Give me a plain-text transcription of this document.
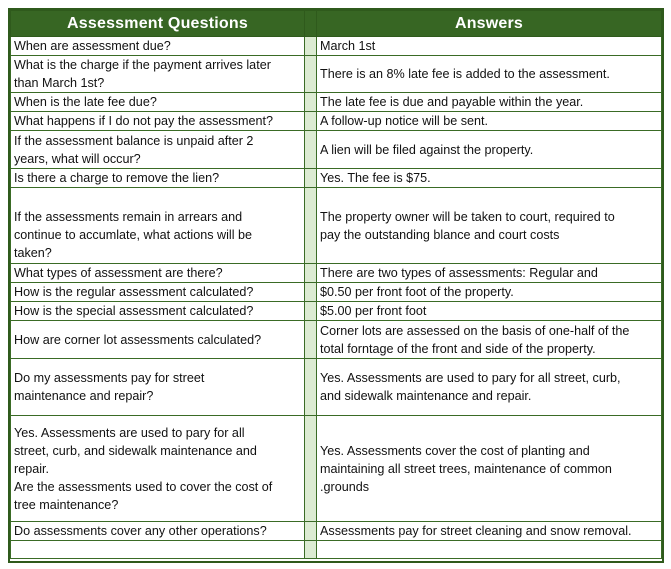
Assessment Questions		Answers
When are assessment due?		March 1st
What is the charge if the payment arrives later
than March 1st?		There is an 8% late fee is added to the assessment.
When is the late fee due?		The late fee is due and payable within the year.
What happens if I do not pay the assessment?		A follow-up notice will be sent.
If the assessment balance is unpaid after 2
years, what will occur?		A lien will be filed against the property.
Is there a charge to remove the lien?		Yes. The fee is $75.

If the assessments remain in arrears and
continue to accumlate, what actions will be
taken?		The property owner will be taken to court, required to
pay the outstanding blance and court costs
What types of assessment are there?		There are two types of assessments: Regular and
How is the regular assessment calculated?		$0.50 per front foot of the property.
How is the special assessment calculated?		$5.00 per front foot
How are corner lot assessments calculated?		Corner lots are assessed on the basis of one-half of the
total forntage of the front and side of the property.
Do my assessments pay for street
maintenance and repair?		Yes. Assessments are used to pary for all street, curb,
and sidewalk maintenance and repair.
Yes. Assessments are used to pary for all
street, curb, and sidewalk maintenance and
repair.
Are the assessments used to cover the cost of
tree maintenance?		Yes. Assessments cover the cost of planting and
maintaining all street trees, maintenance of common
.grounds
Do assessments cover any other operations?		Assessments pay for street cleaning and snow removal.
